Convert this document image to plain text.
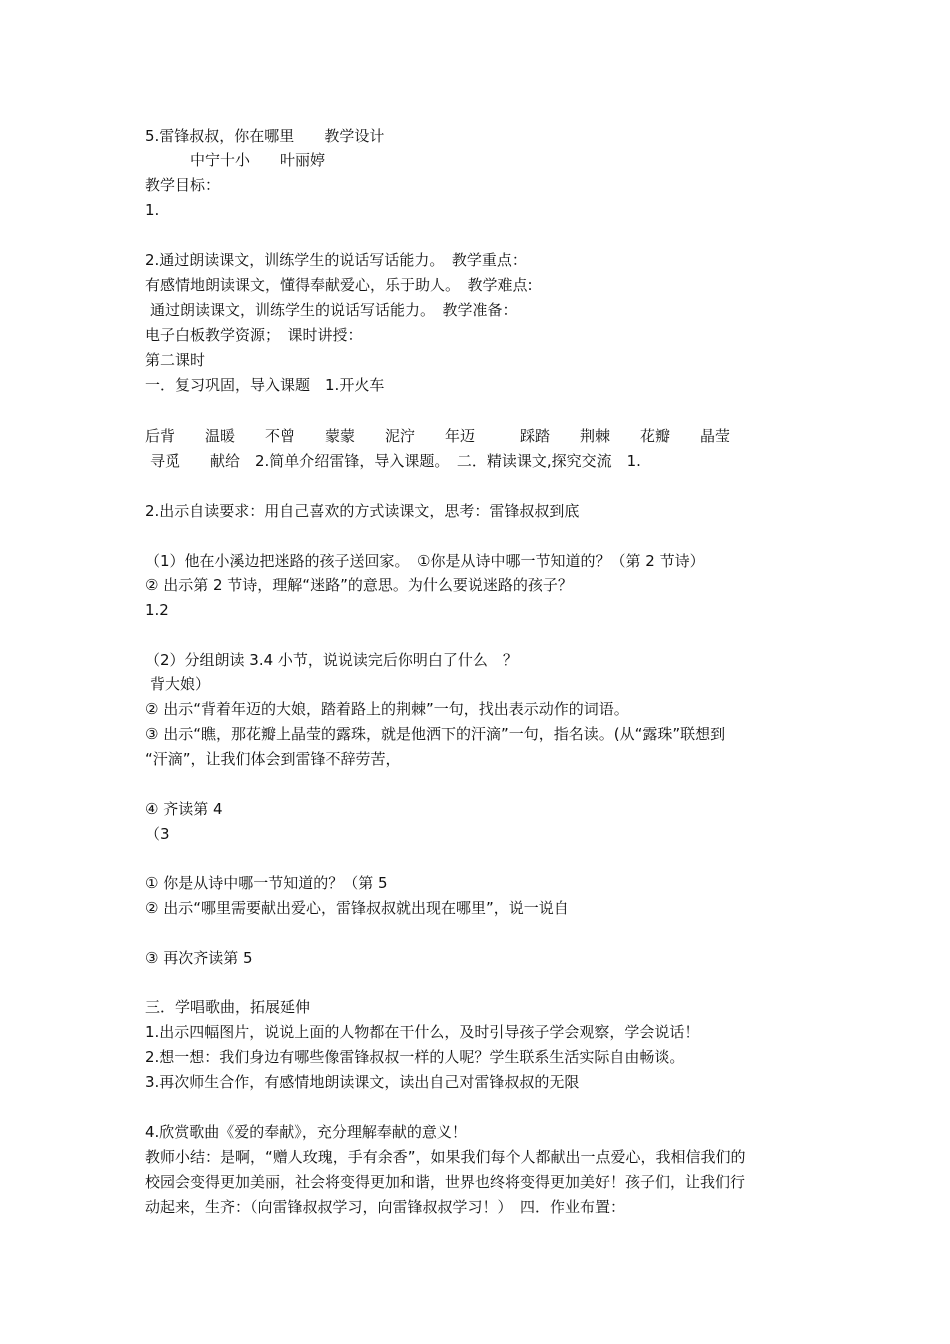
5.雷锋叔叔，你在哪里　　教学设计
中宁十小　　叶丽婷
教学目标：
1.
2.通过朗读课文，训练学生的说话写话能力。　教学重点：
有感情地朗读课文，懂得奉献爱心，乐于助人。　教学难点:
通过朗读课文，训练学生的说话写话能力。　教学准备：
电子白板教学资源；　课时讲授：
第二课时
一．复习巩固，导入课题　1.开火车
后背　　温暖　　不曾　　蒙蒙　　泥泞　　年迈　　　踩踏　　荆棘　　花瓣　　晶莹
寻觅　　献给　2.简单介绍雷锋，导入课题。　二．精读课文,探究交流　1.
2.出示自读要求：用自己喜欢的方式读课文，思考：雷锋叔叔到底
（1）他在小溪边把迷路的孩子送回家。　①你是从诗中哪一节知道的？（第 2 节诗）
② 出示第 2 节诗，理解“迷路”的意思。为什么要说迷路的孩子？
1.2
（2）分组朗读 3.4 小节，说说读完后你明白了什么　？
背大娘）
② 出示“背着年迈的大娘，踏着路上的荆棘”一句，找出表示动作的词语。
③ 出示“瞧，那花瓣上晶莹的露珠，就是他洒下的汗滴”一句，指名读。(从“露珠”联想到
“汗滴”，让我们体会到雷锋不辞劳苦，
④ 齐读第 4
（3
① 你是从诗中哪一节知道的？（第 5
② 出示“哪里需要献出爱心，雷锋叔叔就出现在哪里”，说一说自
③ 再次齐读第 5
三．学唱歌曲，拓展延伸
1.出示四幅图片，说说上面的人物都在干什么，及时引导孩子学会观察，学会说话！
2.想一想：我们身边有哪些像雷锋叔叔一样的人呢？学生联系生活实际自由畅谈。
3.再次师生合作，有感情地朗读课文，读出自己对雷锋叔叔的无限
4.欣赏歌曲《爱的奉献》，充分理解奉献的意义！
教师小结：是啊，“赠人玫瑰，手有余香”，如果我们每个人都献出一点爱心，我相信我们的
校园会变得更加美丽，社会将变得更加和谐，世界也终将变得更加美好！孩子们，让我们行
动起来，生齐：（向雷锋叔叔学习，向雷锋叔叔学习！）　四．作业布置：
